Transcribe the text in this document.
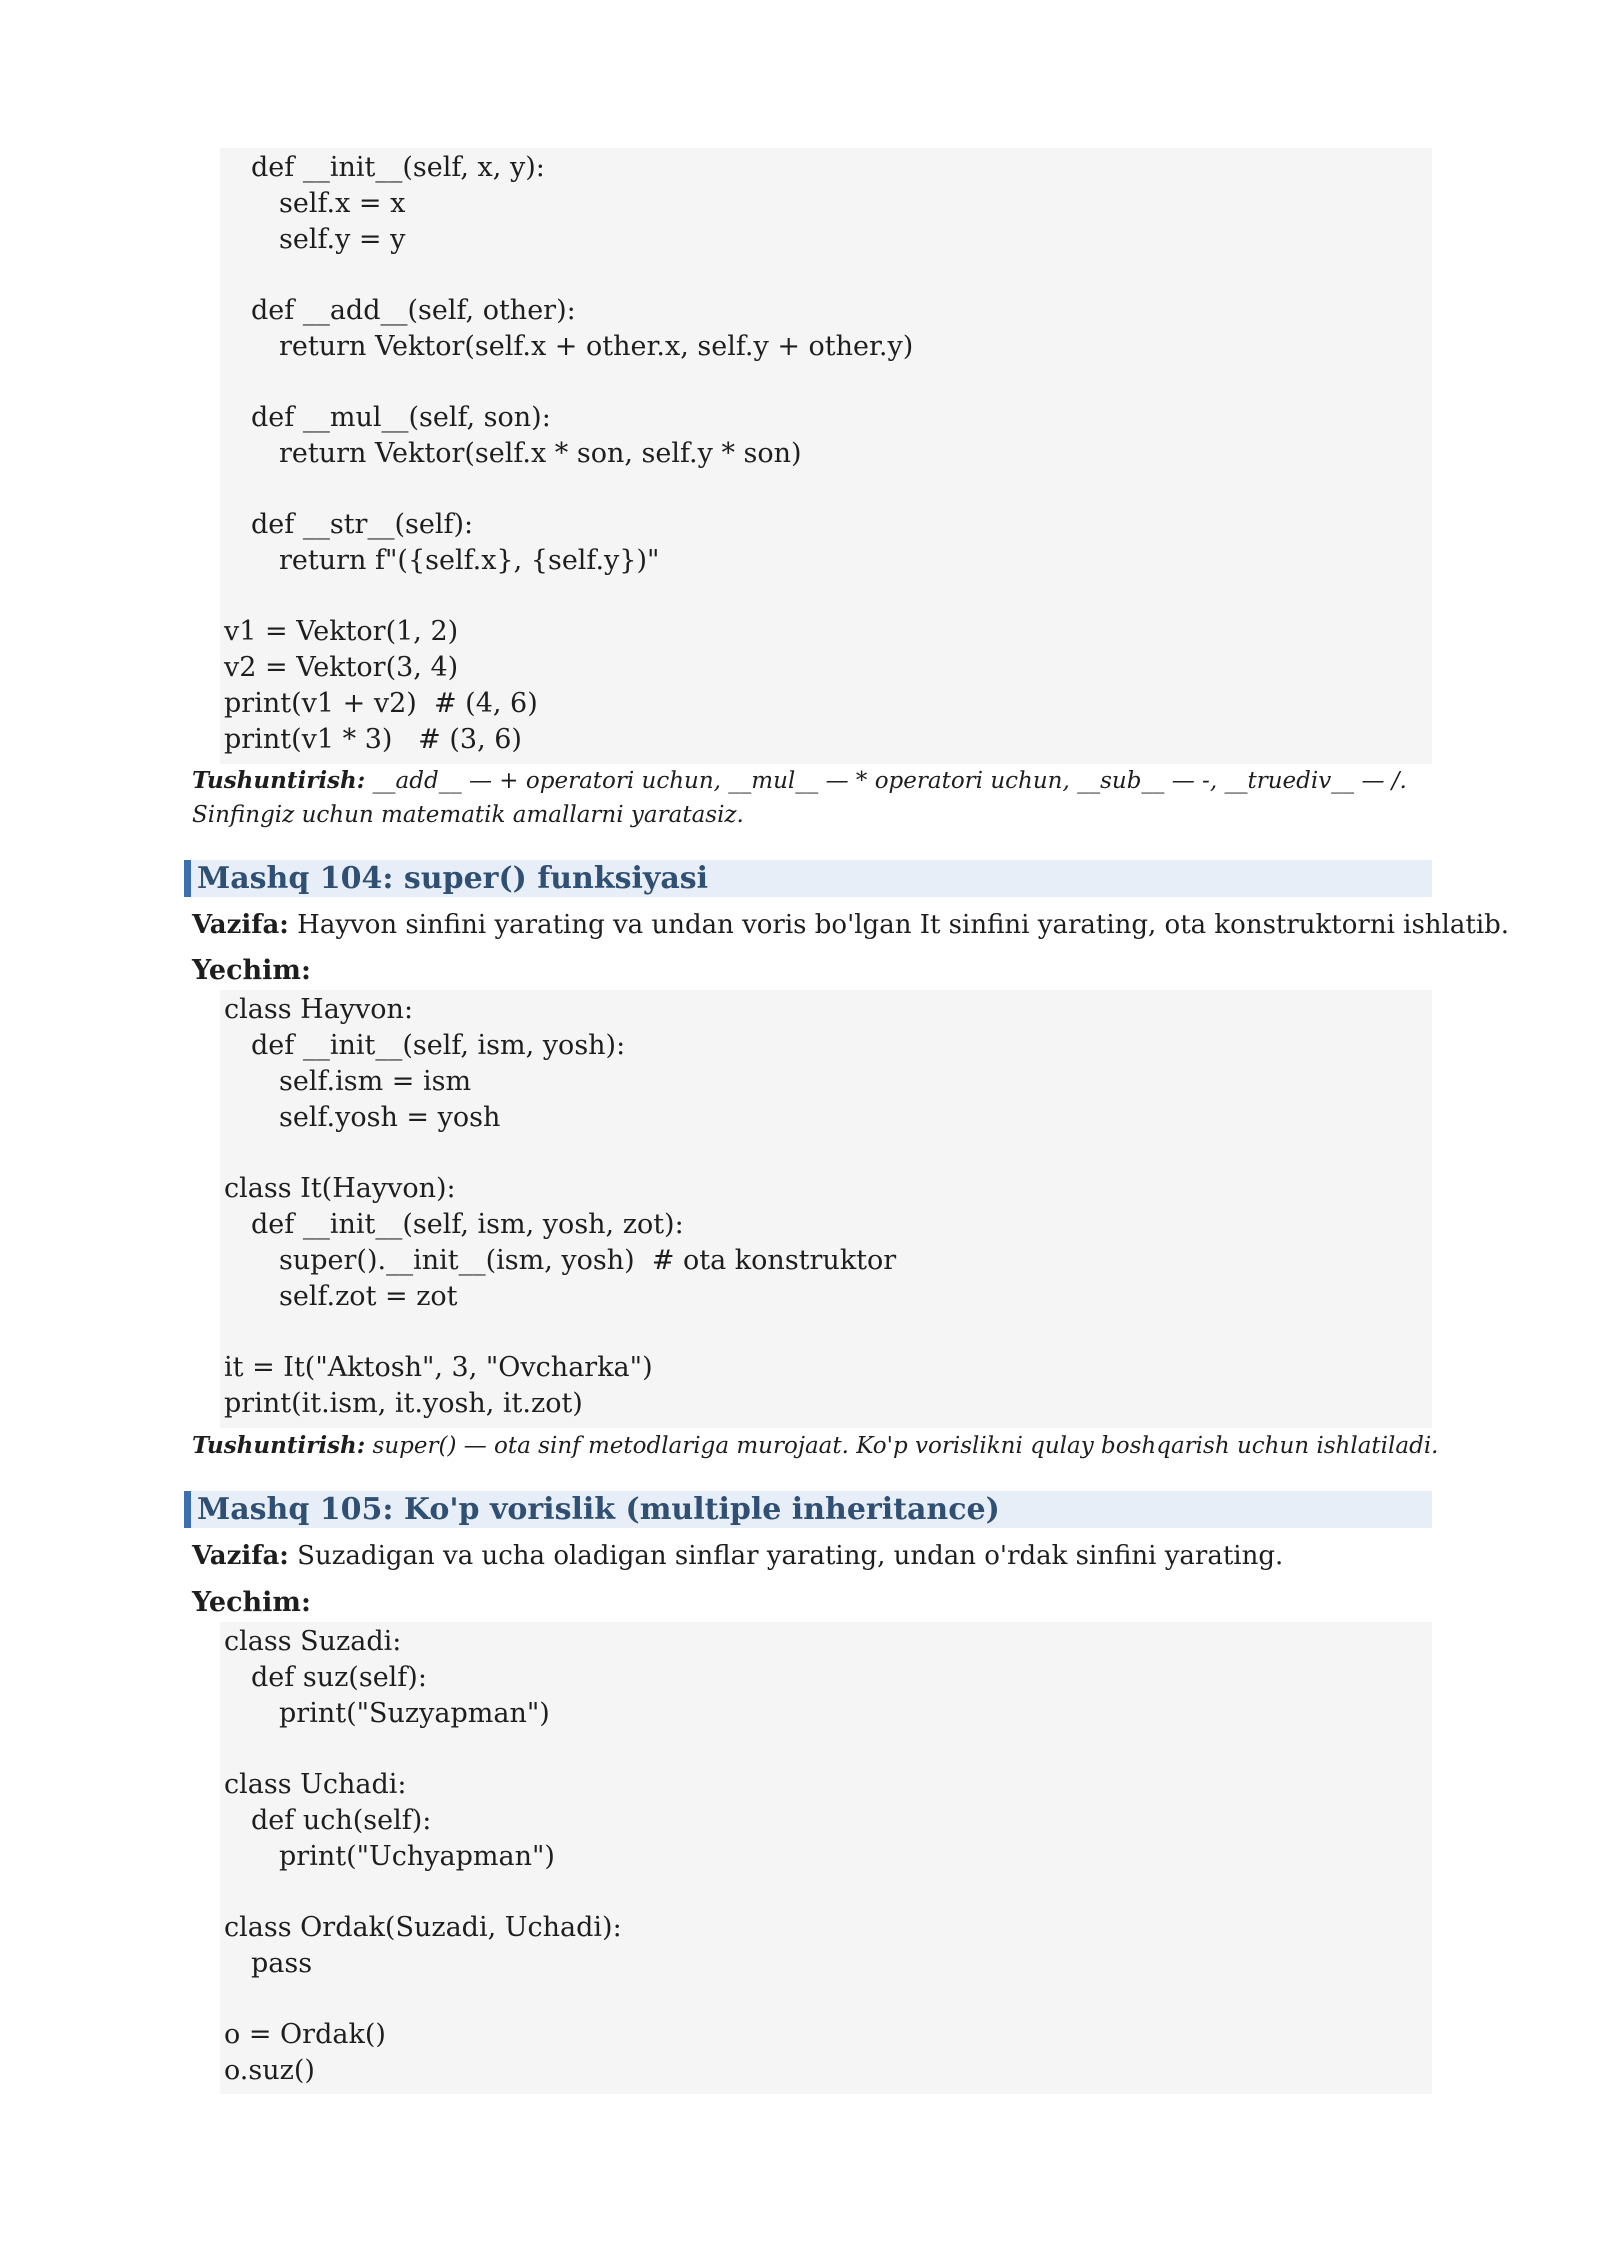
def __init__(self, x, y):
self.x = x
self.y = y
def __add__(self, other):
return Vektor(self.x + other.x, self.y + other.y)
def __mul__(self, son):
return Vektor(self.x * son, self.y * son)
def __str__(self):
return f"({self.x}, {self.y})"
v1 = Vektor(1, 2)
v2 = Vektor(3, 4)
print(v1 + v2)  # (4, 6)
print(v1 * 3)   # (3, 6)
Tushuntirish: __add__ — + operatori uchun, __mul__ — * operatori uchun, __sub__ — -, __truediv__ — /.
Sinfingiz uchun matematik amallarni yaratasiz.
Mashq 104: super() funksiyasi
Vazifa: Hayvon sinfini yarating va undan voris bo'lgan It sinfini yarating, ota konstruktorni ishlatib.
Yechim:
class Hayvon:
def __init__(self, ism, yosh):
self.ism = ism
self.yosh = yosh
class It(Hayvon):
def __init__(self, ism, yosh, zot):
super().__init__(ism, yosh)  # ota konstruktor
self.zot = zot
it = It("Aktosh", 3, "Ovcharka")
print(it.ism, it.yosh, it.zot)
Tushuntirish: super() — ota sinf metodlariga murojaat. Ko'p vorislikni qulay boshqarish uchun ishlatiladi.
Mashq 105: Ko'p vorislik (multiple inheritance)
Vazifa: Suzadigan va ucha oladigan sinflar yarating, undan o'rdak sinfini yarating.
Yechim:
class Suzadi:
def suz(self):
print("Suzyapman")
class Uchadi:
def uch(self):
print("Uchyapman")
class Ordak(Suzadi, Uchadi):
pass
o = Ordak()
o.suz()
